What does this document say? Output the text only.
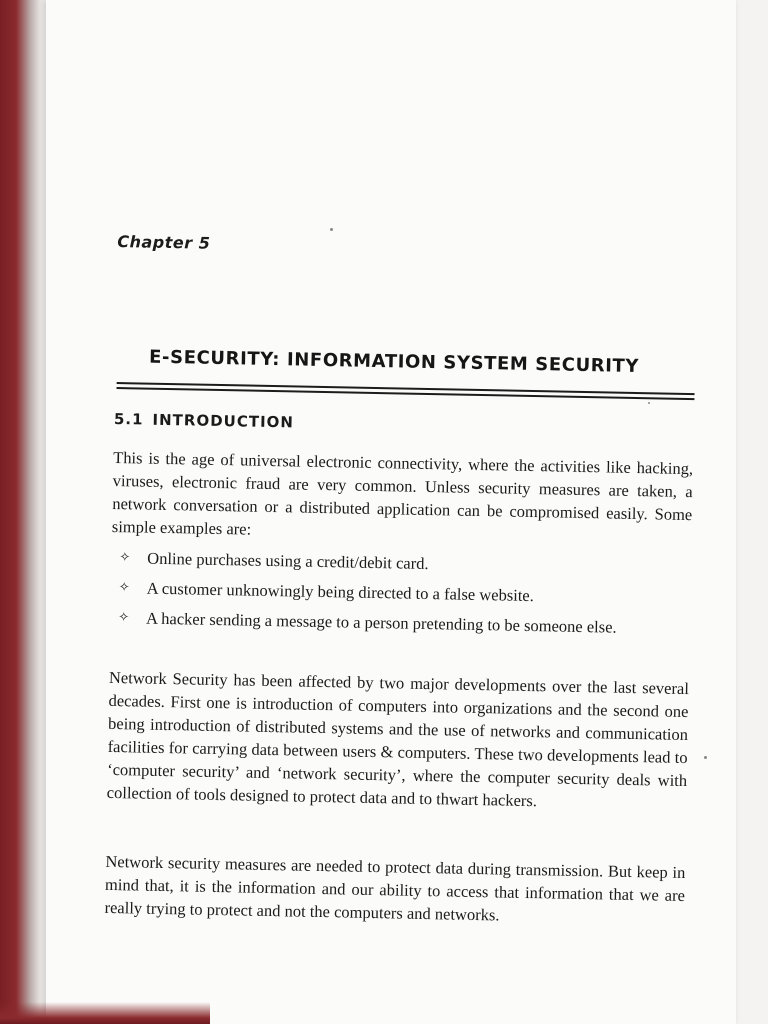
Chapter 5
E-SECURITY: INFORMATION SYSTEM SECURITY
5.1 INTRODUCTION

This is the age of universal electronic connectivity, where the activities like hacking, viruses, electronic fraud are very common. Unless security measures are taken, a network conversation or a distributed application can be compromised easily. Some simple examples are:

✧ Online purchases using a credit/debit card.
✧ A customer unknowingly being directed to a false website.
✧ A hacker sending a message to a person pretending to be someone else.

Network Security has been affected by two major developments over the last several decades. First one is introduction of computers into organizations and the second one being introduction of distributed systems and the use of networks and communication facilities for carrying data between users & computers. These two developments lead to ‘computer security’ and ‘network security’, where the computer security deals with collection of tools designed to protect data and to thwart hackers.

Network security measures are needed to protect data during transmission. But keep in mind that, it is the information and our ability to access that information that we are really trying to protect and not the computers and networks.
